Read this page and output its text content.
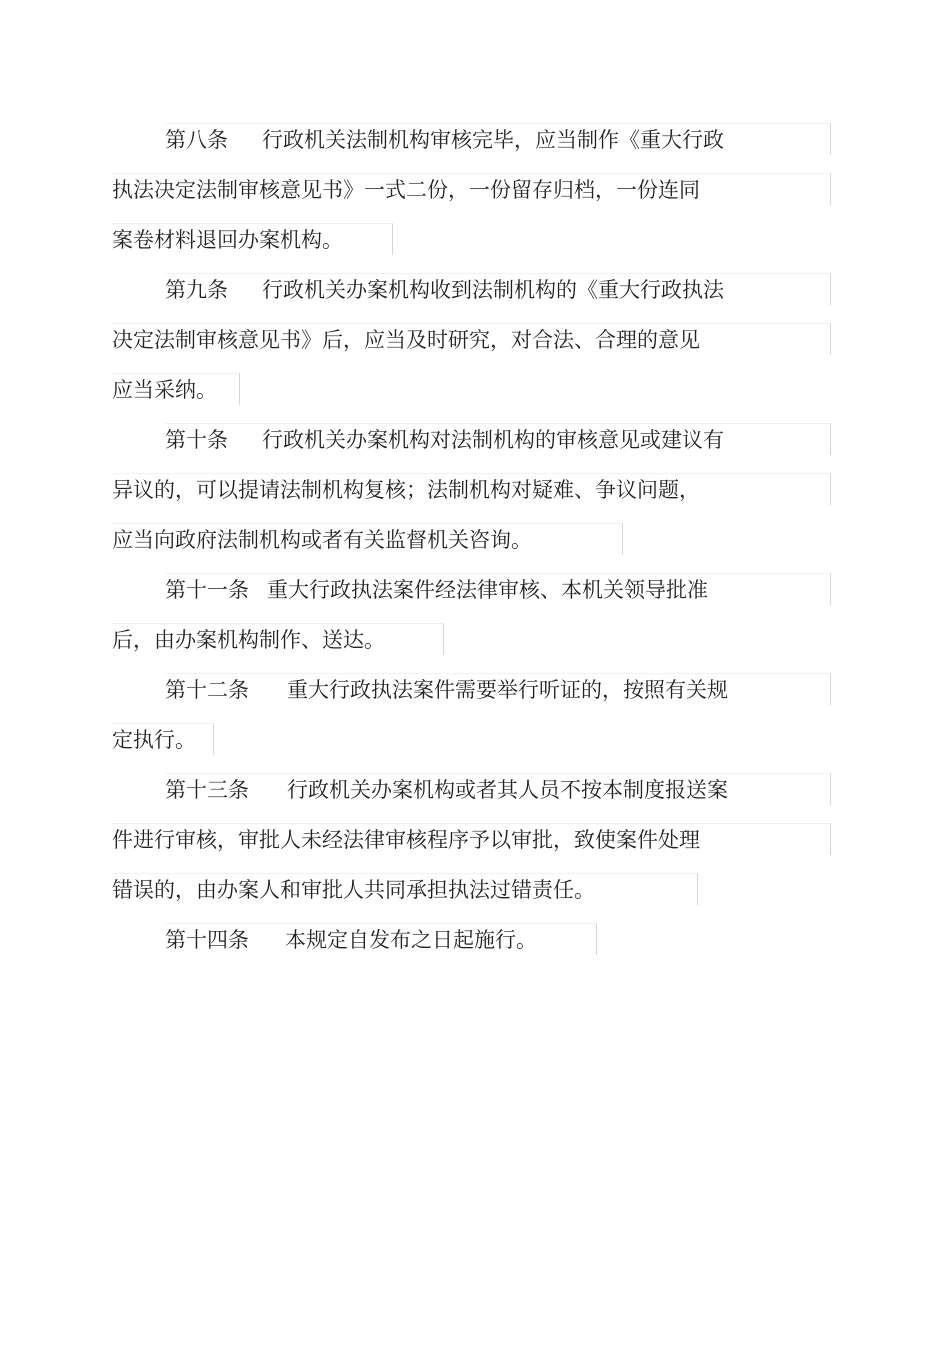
第八条 行政机关法制机构审核完毕，应当制作《重大行政
执法决定法制审核意见书》一式二份，一份留存归档，一份连同
案卷材料退回办案机构。
第九条 行政机关办案机构收到法制机构的《重大行政执法
决定法制审核意见书》后，应当及时研究，对合法、合理的意见
应当采纳。
第十条 行政机关办案机构对法制机构的审核意见或建议有
异议的，可以提请法制机构复核；法制机构对疑难、争议问题，
应当向政府法制机构或者有关监督机关咨询。
第十一条 重大行政执法案件经法律审核、本机关领导批准
后，由办案机构制作、送达。
第十二条 重大行政执法案件需要举行听证的，按照有关规
定执行。
第十三条 行政机关办案机构或者其人员不按本制度报送案
件进行审核，审批人未经法律审核程序予以审批，致使案件处理
错误的，由办案人和审批人共同承担执法过错责任。
第十四条 本规定自发布之日起施行。
